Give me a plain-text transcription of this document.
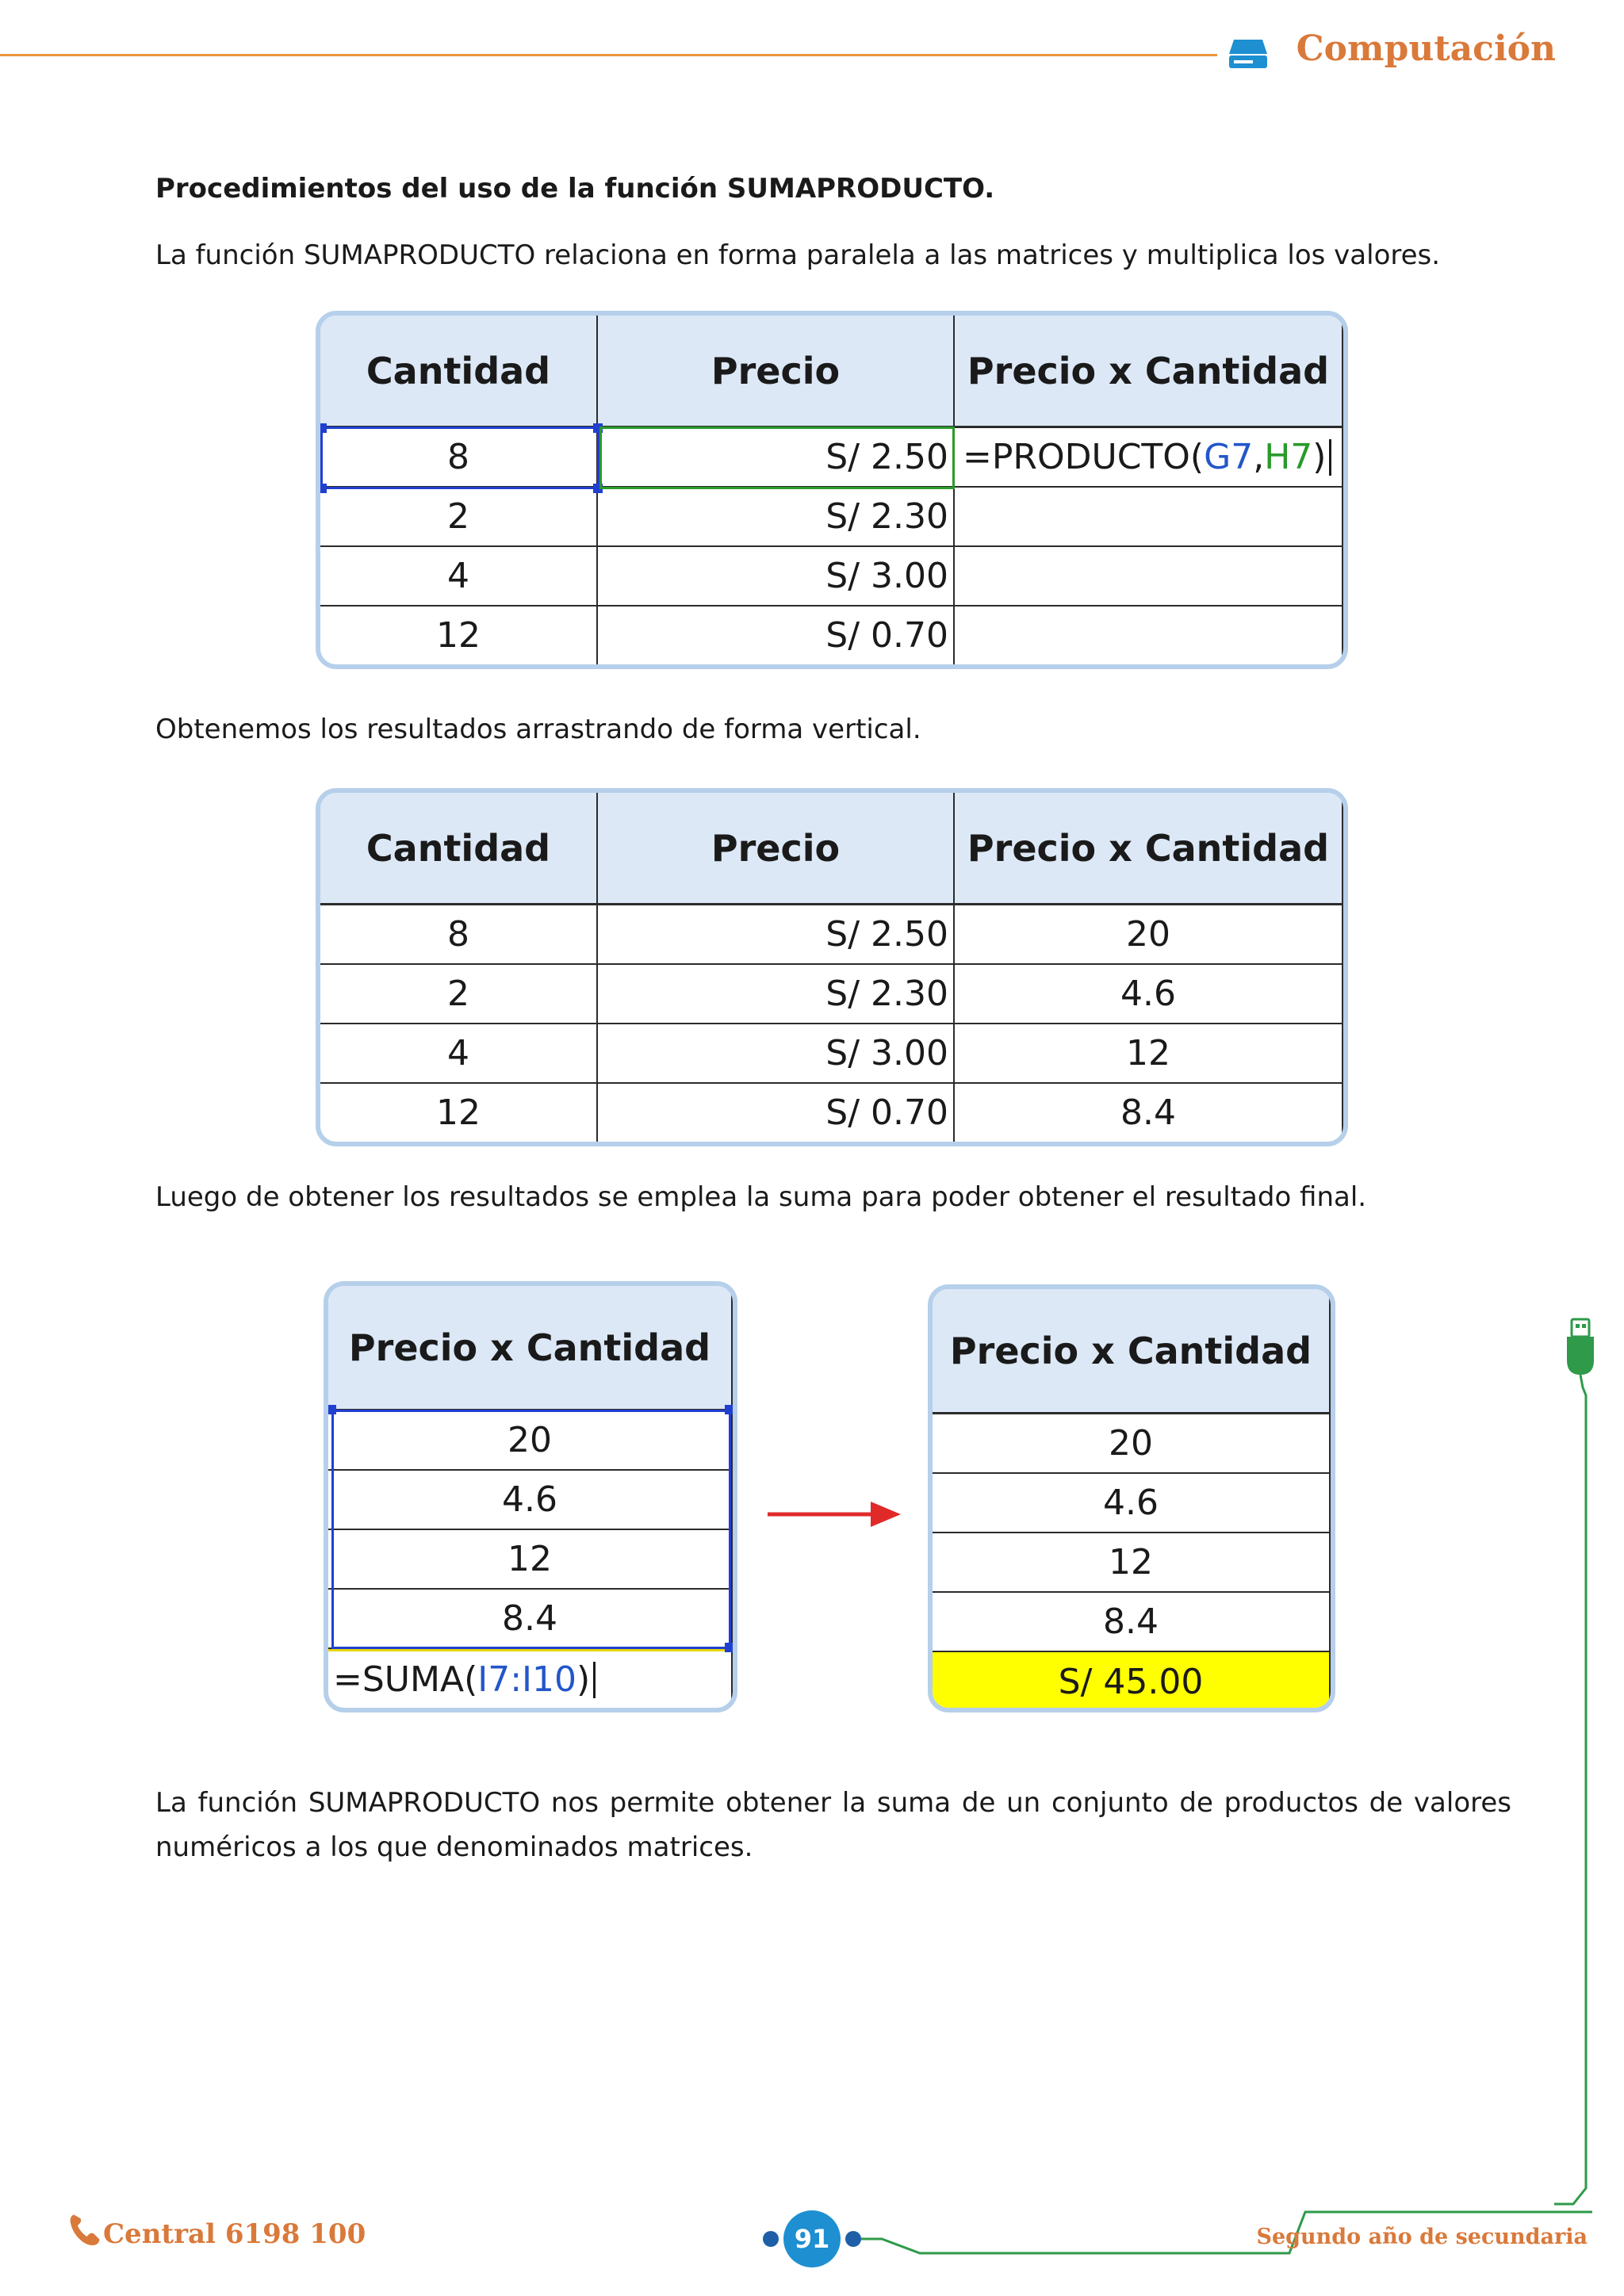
Computación
Procedimientos del uso de la función SUMAPRODUCTO.
La función SUMAPRODUCTO relaciona en forma paralela a las matrices y multiplica los valores.
Cantidad	Precio	Precio x Cantidad
8	S/ 2.50 =PRODUCTO( G7 , H7 )
2	S/ 2.30
4	S/ 3.00
12	S/ 0.70
Obtenemos los resultados arrastrando de forma vertical.
Cantidad	Precio	Precio x Cantidad
8	S/ 2.50	20
2	S/ 2.30	4.6
4	S/ 3.00	12
12	S/ 0.70	8.4
Luego de obtener los resultados se emplea la suma para poder obtener el resultado final.
Precio x Cantidad
20
4.6
12
8.4
=SUMA( I7:I10 )
Precio x Cantidad
20
4.6
12
8.4
S/ 45.00
La función SUMAPRODUCTO nos permite obtener la suma de un conjunto de productos de valores numéricos a los que denominados matrices.
Central 6198 100	91	Segundo año de secundaria
